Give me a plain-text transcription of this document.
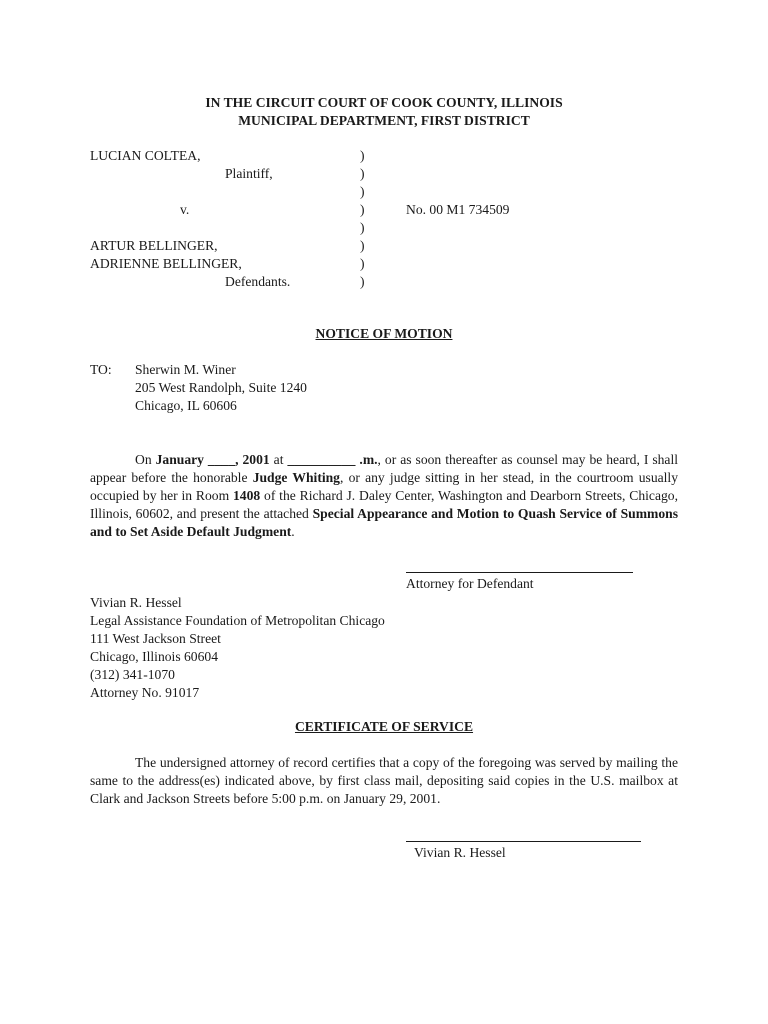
IN THE CIRCUIT COURT OF COOK COUNTY, ILLINOIS
MUNICIPAL DEPARTMENT, FIRST DISTRICT
LUCIAN COLTEA,
Plaintiff,
v.
ARTUR BELLINGER,
ADRIENNE BELLINGER,
Defendants.
)
)
)
)
)
)
)
)
No. 00 M1 734509
NOTICE OF MOTION
TO: Sherwin M. Winer
205 West Randolph, Suite 1240
Chicago, IL 60606
On January ____, 2001 at __________ .m., or as soon thereafter as counsel may be heard, I shall appear before the honorable Judge Whiting, or any judge sitting in her stead, in the courtroom usually occupied by her in Room 1408 of the Richard J. Daley Center, Washington and Dearborn Streets, Chicago, Illinois, 60602, and present the attached Special Appearance and Motion to Quash Service of Summons and to Set Aside Default Judgment.
Attorney for Defendant
Vivian R. Hessel
Legal Assistance Foundation of Metropolitan Chicago
111 West Jackson Street
Chicago, Illinois 60604
(312) 341-1070
Attorney No. 91017
CERTIFICATE OF SERVICE
The undersigned attorney of record certifies that a copy of the foregoing was served by mailing the same to the address(es) indicated above, by first class mail, depositing said copies in the U.S. mailbox at Clark and Jackson Streets before 5:00 p.m. on January 29, 2001.
Vivian R. Hessel
